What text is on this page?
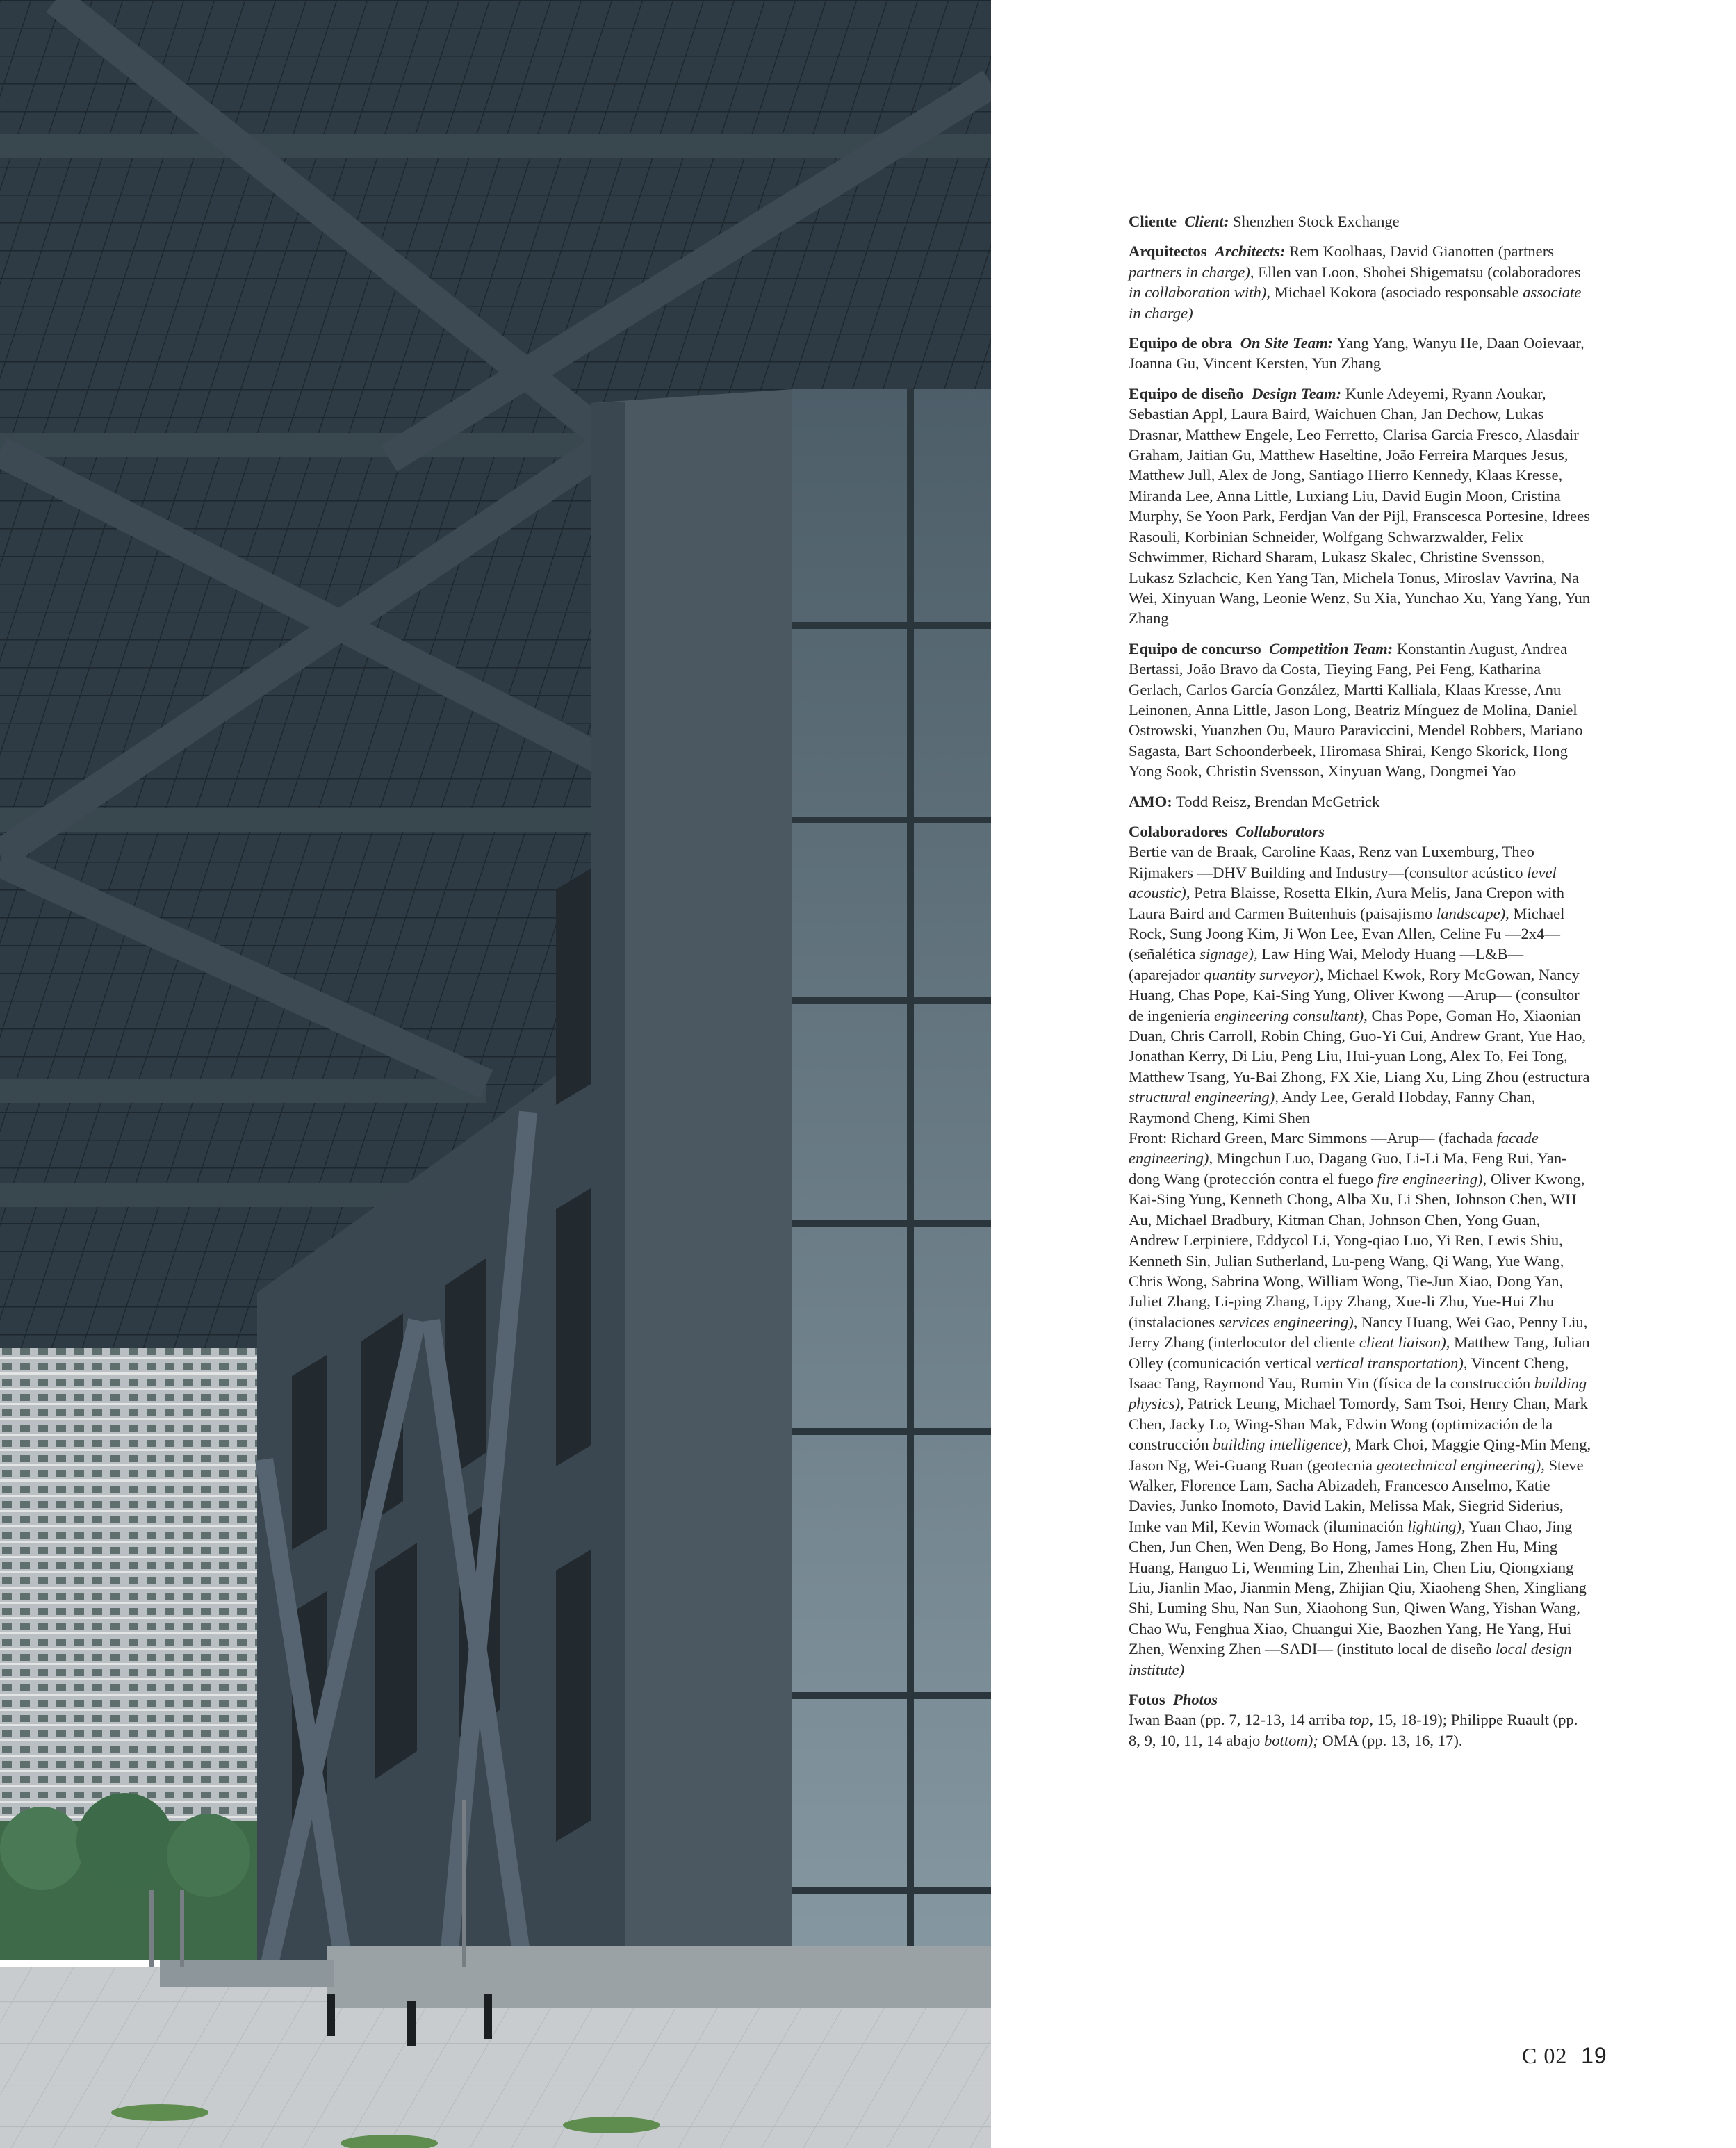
Cliente Client: Shenzhen Stock Exchange

Arquitectos Architects: Rem Koolhaas, David Gianotten (partners partners in charge), Ellen van Loon, Shohei Shigematsu (colaboradores in collaboration with), Michael Kokora (asociado responsable associate in charge)

Equipo de obra On Site Team: Yang Yang, Wanyu He, Daan Ooievaar, Joanna Gu, Vincent Kersten, Yun Zhang

Equipo de diseño Design Team: Kunle Adeyemi, Ryann Aoukar, Sebastian Appl, Laura Baird, Waichuen Chan, Jan Dechow, Lukas Drasnar, Matthew Engele, Leo Ferretto, Clarisa Garcia Fresco, Alasdair Graham, Jaitian Gu, Matthew Haseltine, João Ferreira Marques Jesus, Matthew Jull, Alex de Jong, Santiago Hierro Kennedy, Klaas Kresse, Miranda Lee, Anna Little, Luxiang Liu, David Eugin Moon, Cristina Murphy, Se Yoon Park, Ferdjan Van der Pijl, Franscesca Portesine, Idrees Rasouli, Korbinian Schneider, Wolfgang Schwarzwalder, Felix Schwimmer, Richard Sharam, Lukasz Skalec, Christine Svensson, Lukasz Szlachcic, Ken Yang Tan, Michela Tonus, Miroslav Vavrina, Na Wei, Xinyuan Wang, Leonie Wenz, Su Xia, Yunchao Xu, Yang Yang, Yun Zhang

Equipo de concurso Competition Team: Konstantin August, Andrea Bertassi, João Bravo da Costa, Tieying Fang, Pei Feng, Katharina Gerlach, Carlos García González, Martti Kalliala, Klaas Kresse, Anu Leinonen, Anna Little, Jason Long, Beatriz Mínguez de Molina, Daniel Ostrowski, Yuanzhen Ou, Mauro Paraviccini, Mendel Robbers, Mariano Sagasta, Bart Schoonderbeek, Hiromasa Shirai, Kengo Skorick, Hong Yong Sook, Christin Svensson, Xinyuan Wang, Dongmei Yao

AMO: Todd Reisz, Brendan McGetrick

Colaboradores Collaborators
Bertie van de Braak, Caroline Kaas, Renz van Luxemburg, Theo Rijmakers —DHV Building and Industry—(consultor acústico level acoustic), Petra Blaisse, Rosetta Elkin, Aura Melis, Jana Crepon with Laura Baird and Carmen Buitenhuis (paisajismo landscape), Michael Rock, Sung Joong Kim, Ji Won Lee, Evan Allen, Celine Fu —2x4— (señalética signage), Law Hing Wai, Melody Huang —L&B— (aparejador quantity surveyor), Michael Kwok, Rory McGowan, Nancy Huang, Chas Pope, Kai-Sing Yung, Oliver Kwong —Arup— (consultor de ingeniería engineering consultant), Chas Pope, Goman Ho, Xiaonian Duan, Chris Carroll, Robin Ching, Guo-Yi Cui, Andrew Grant, Yue Hao, Jonathan Kerry, Di Liu, Peng Liu, Hui-yuan Long, Alex To, Fei Tong, Matthew Tsang, Yu-Bai Zhong, FX Xie, Liang Xu, Ling Zhou (estructura structural engineering), Andy Lee, Gerald Hobday, Fanny Chan, Raymond Cheng, Kimi Shen
Front: Richard Green, Marc Simmons —Arup— (fachada facade engineering), Mingchun Luo, Dagang Guo, Li-Li Ma, Feng Rui, Yan-dong Wang (protección contra el fuego fire engineering), Oliver Kwong, Kai-Sing Yung, Kenneth Chong, Alba Xu, Li Shen, Johnson Chen, WH Au, Michael Bradbury, Kitman Chan, Johnson Chen, Yong Guan, Andrew Lerpiniere, Eddycol Li, Yong-qiao Luo, Yi Ren, Lewis Shiu, Kenneth Sin, Julian Sutherland, Lu-peng Wang, Qi Wang, Yue Wang, Chris Wong, Sabrina Wong, William Wong, Tie-Jun Xiao, Dong Yan, Juliet Zhang, Li-ping Zhang, Lipy Zhang, Xue-li Zhu, Yue-Hui Zhu (instalaciones services engineering), Nancy Huang, Wei Gao, Penny Liu, Jerry Zhang (interlocutor del cliente client liaison), Matthew Tang, Julian Olley (comunicación vertical vertical transportation), Vincent Cheng, Isaac Tang, Raymond Yau, Rumin Yin (física de la construcción building physics), Patrick Leung, Michael Tomordy, Sam Tsoi, Henry Chan, Mark Chen, Jacky Lo, Wing-Shan Mak, Edwin Wong (optimización de la construcción building intelligence), Mark Choi, Maggie Qing-Min Meng, Jason Ng, Wei-Guang Ruan (geotecnia geotechnical engineering), Steve Walker, Florence Lam, Sacha Abizadeh, Francesco Anselmo, Katie Davies, Junko Inomoto, David Lakin, Melissa Mak, Siegrid Siderius, Imke van Mil, Kevin Womack (iluminación lighting), Yuan Chao, Jing Chen, Jun Chen, Wen Deng, Bo Hong, James Hong, Zhen Hu, Ming Huang, Hanguo Li, Wenming Lin, Zhenhai Lin, Chen Liu, Qiongxiang Liu, Jianlin Mao, Jianmin Meng, Zhijian Qiu, Xiaoheng Shen, Xingliang Shi, Luming Shu, Nan Sun, Xiaohong Sun, Qiwen Wang, Yishan Wang, Chao Wu, Fenghua Xiao, Chuangui Xie, Baozhen Yang, He Yang, Hui Zhen, Wenxing Zhen —SADI— (instituto local de diseño local design institute)

Fotos Photos
Iwan Baan (pp. 7, 12-13, 14 arriba top, 15, 18-19); Philippe Ruault (pp. 8, 9, 10, 11, 14 abajo bottom); OMA (pp. 13, 16, 17).

C 02 19
